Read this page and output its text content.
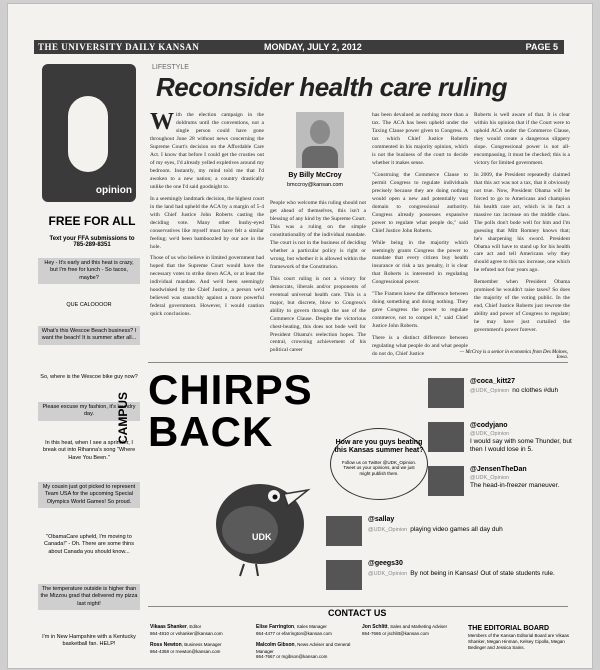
THE UNIVERSITY DAILY KANSAN	MONDAY, JULY 2, 2012	PAGE 5
opinion
FREE FOR ALL
Text your FFA submissions to 785-289-8351
Hey - It's early and this heat is crazy, but I'm free for lunch - So tacos, maybe?
QUE CALOOOOR
What's this Wescoe Beach business? I want the beach! It is summer after all...
So, where is the Wescoe bike guy now?
Please excuse my fashion, it's laundry day.
In this heat, when I see a sprinkler, I break out into Rihanna's song "Where Have You Been."
My cousin just got picked to represent Team USA for the upcoming Special Olympics World Games! So proud.
"ObamaCare upheld, I'm moving to Canada!" - Oh. There are some thins about Canada you should know...
The temperature outside is higher than the Mizzou grad that delivered my pizza last night!
I'm in New Hampshire with a Kentucky basketball fan. HELP!
LIFESTYLE
Reconsider health care ruling

With the election campaign in the doldrums until the conventions, not a single person could have gone throughout June 28 without news concerning the Supreme Court's decision on the Affordable Care Act. I know that before I could get the crusties out of my eyes, I'd already yelled expletives around my bedroom. Instantly, my mind told me that I'd awoken to a new nation; a country drastically unlike the one I'd said goodnight to.

In a seemingly landmark decision, the highest court in the land had upheld the ACA by a margin of 5-4 with Chief Justice John Roberts casting the deciding vote. Many other bushy-eyed conservatives like myself must have felt a similar feeling; we'd been bamboozled by our ace in the hole.

Those of us who believe in limited government had hoped that the Supreme Court would have the necessary votes to strike down ACA, or at least the individual mandate. And we'd been seemingly hoodwinked by the Chief Justice, a person we'd believed was staunchly against a more powerful federal government. However, I would caution quick conclusions.

By Billy McCroy
bmccroy@kansan.com

People who welcome this ruling should not get ahead of themselves, this isn't a blessing of any kind by the Supreme Court. This was a ruling on the simple constitutionality of the individual mandate. The court is not in the business of deciding whether a particular policy is right or wrong, but whether it is allowed within the framework of the Constitution.

This court ruling is not a victory for democrats, liberals and/or proponents of eventual universal health care. This is a major, but discrete, blow to Congress's ability to govern through the use of the Commerce Clause. Despite the victorious chest-beating, this does not bode well for President Obama's reelection hopes. The central, crowning achievement of his political career

has been devalued as nothing more than a tax. The ACA has been upheld under the Taxing Clause power given to Congress. A tax which Chief Justice Roberts commented in his majority opinion, which is not the business of the court to decide whether it makes sense.

"Construing the Commerce Clause to permit Congress to regulate individuals precisely because they are doing nothing would open a new and potentially vast domain to congressional authority. Congress already possesses expansive power to regulate what people do," said Chief Justice John Roberts.

While being in the majority which seemingly grants Congress the power to mandate that every citizen buy health insurance or risk a tax penalty, it is clear that Roberts is interested in regulating Congressional power.

"The Framers knew the difference between doing something and doing nothing. They gave Congress the power to regulate commerce, not to compel it," said Chief Justice John Roberts.

There is a distinct difference between regulating what people do and what people do not do, Chief Justice

Roberts is well aware of that. It is clear within his opinion that if the Court were to uphold ACA under the Commerce Clause, they would create a dangerous slippery slope. Congressional power is not all-encompassing, it must be checked; this is a victory for limited government.

In 2009, the President repeatedly claimed that this act was not a tax, that it obviously not true. Now, President Obama will be forced to go to Americans and champion his health care act, which is in fact a massive tax increase on the middle class. The polls don't bode well for him and I'm guessing that Mitt Romney knows that; he's sharpening his sword. President Obama will have to stand up for his health care act and tell Americans why they should agree to this tax increase, one which he refuted not four years ago.

Remember when President Obama promised he wouldn't raise taxes? So does the majority of the voting public. In the end, Chief Justice Roberts just rewrote the ability and power of Congress to regulate; he may have just curtailed the government's power forever.

— McCroy is a senior in economics from Des Moines, Iowa.
CHIRPS
BACK	How are you guys beating this Kansas summer heat?
Follow us on Twitter @UDK_Opinion. Tweet us your opinions, and we just might publish them.
UDK
@coca_kitt27
@UDK_Opinion no clothes #duh
@codyjano
@UDK_Opinion
I would say with some Thunder, but then I would lose in 5.
@JensenTheDan
@UDK_Opinion
The head-in-freezer maneuver.
@sallay
@UDK_Opinion playing video games all day duh
@geegs30
@UDK_Opinion By not being in Kansas! Out of state students rule.
CONTACT US
Vikaas Shanker, Editor
864-4810 or vshanker@kansan.com
Ross Newton, Business Manager
864-4358 or rnewton@kansan.com
Elise Farrington, Sales Manager
864-4477 or efarrington@kansan.com
Malcolm Gibson, News Adviser and General Manager
864-7667 or mgibson@kansan.com
Jon Schlitt, Sales and Marketing Adviser
864-7666 or jschlitt@kansan.com
THE EDITORIAL BOARD
Members of the Kansan Editorial Board are Vikaas Shanker, Megan Hinman, Kelsey Cipolla, Megan Bedinger and Jessica Sains.
